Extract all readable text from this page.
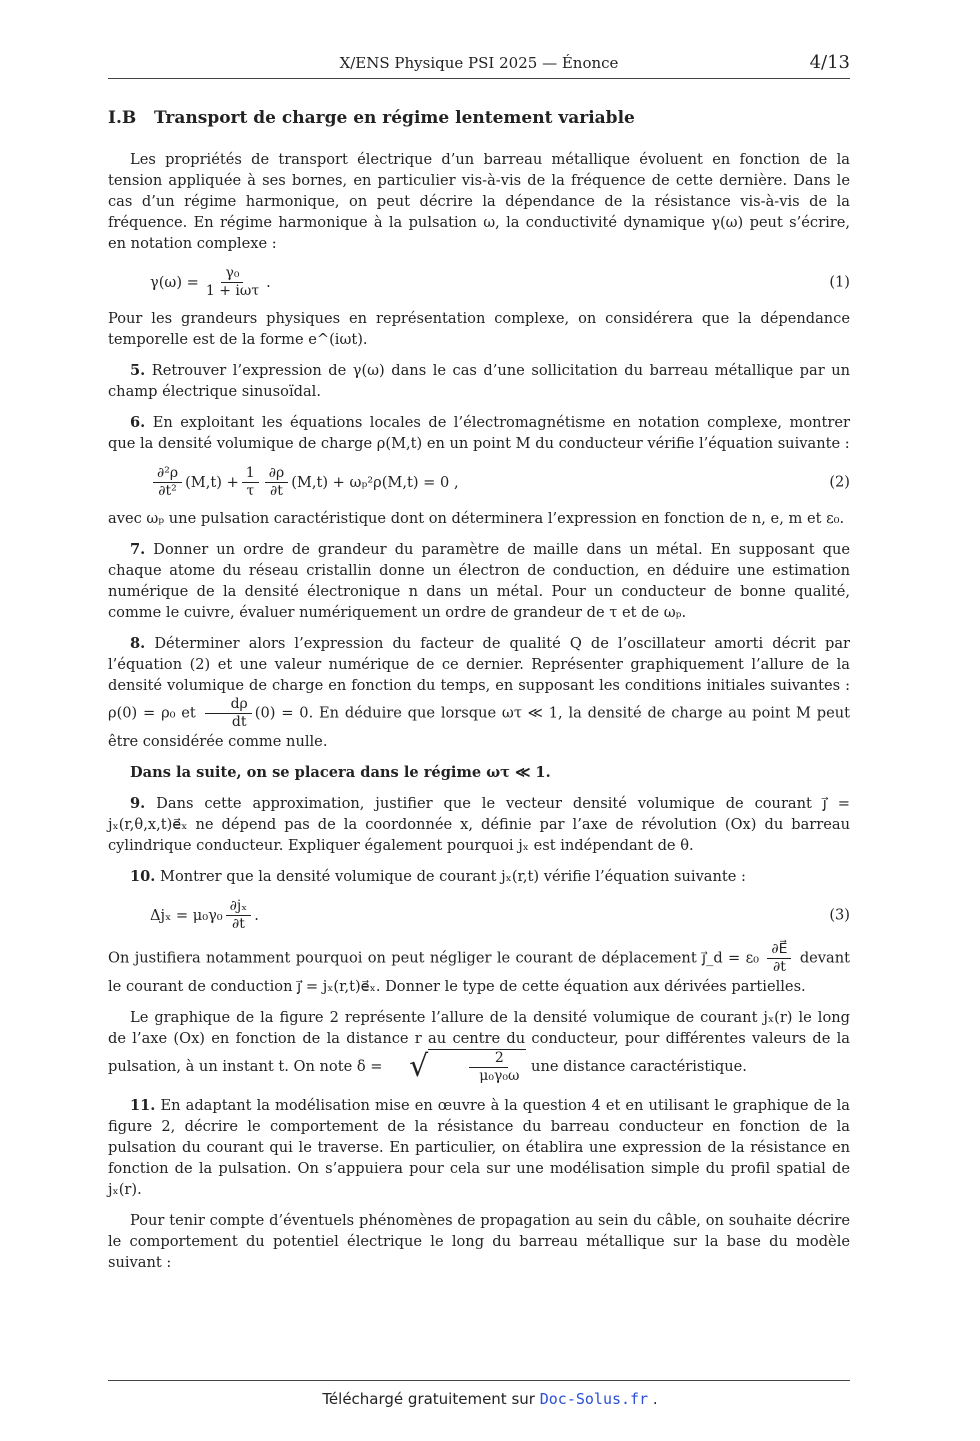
X/ENS Physique PSI 2025 — Énonce	4/13
I.B Transport de charge en régime lentement variable

Les propriétés de transport électrique d’un barreau métallique évoluent en fonction de la tension appliquée à ses bornes, en particulier vis-à-vis de la fréquence de cette dernière. Dans le cas d’un régime harmonique, on peut décrire la dépendance de la résistance vis-à-vis de la fréquence. En régime harmonique à la pulsation ω, la conductivité dynamique γ(ω) peut s’écrire, en notation complexe :

$\gamma(\omega) = \frac{\text{γ₀}}{\text{1 + iωτ}}$ .	(1)

Pour les grandeurs physiques en représentation complexe, on considérera que la dépendance temporelle est de la forme e^(iωt).

5. Retrouver l’expression de γ(ω) dans le cas d’une sollicitation du barreau métallique par un champ électrique sinusoïdal.

6. En exploitant les équations locales de l’électromagnétisme en notation complexe, montrer que la densité volumique de charge ρ(M,t) en un point M du conducteur vérifie l’équation suivante :

$\frac{\text{∂²ρ}}{\text{∂t²}} (M,t) + \frac{1}{\tau} \frac{\partial\rho}{\partial t} (M,t) + \omega_p^2\rho(M,t) = 0$ ,	(2)

avec ωₚ une pulsation caractéristique dont on déterminera l’expression en fonction de n, e, m et ε₀.

7. Donner un ordre de grandeur du paramètre de maille dans un métal. En supposant que chaque atome du réseau cristallin donne un électron de conduction, en déduire une estimation numérique de la densité électronique n dans un métal. Pour un conducteur de bonne qualité, comme le cuivre, évaluer numériquement un ordre de grandeur de τ et de ωₚ.

8. Déterminer alors l’expression du facteur de qualité Q de l’oscillateur amorti décrit par l’équation (2) et une valeur numérique de ce dernier. Représenter graphiquement l’allure de la densité volumique de charge en fonction du temps, en supposant les conditions initiales suivantes : ρ(0) = ρ₀ et $\frac{d\rho}{dt} (0) = 0$. En déduire que lorsque ωτ ≪ 1, la densité de charge au point M peut être considérée comme nulle.

Dans la suite, on se placera dans le régime ωτ ≪ 1.

9. Dans cette approximation, justifier que le vecteur densité volumique de courant j⃗ = jₓ(r,θ,x,t)e⃗ₓ ne dépend pas de la coordonnée x, définie par l’axe de révolution (Ox) du barreau cylindrique conducteur. Expliquer également pourquoi jₓ est indépendant de θ.

10. Montrer que la densité volumique de courant jₓ(r,t) vérifie l’équation suivante :

$\Delta j_x = \mu_0\gamma_0 \frac{\text{∂jₓ}}{\partial t}$ .	(3)

On justifiera notamment pourquoi on peut négliger le courant de déplacement j⃗_d = $\varepsilon_0 \frac{\partial E⃗}{\partial t}$ devant le courant de conduction j⃗ = jₓ(r,t)e⃗ₓ. Donner le type de cette équation aux dérivées partielles.

Le graphique de la figure 2 représente l’allure de la densité volumique de courant jₓ(r) le long de l’axe (Ox) en fonction de la distance r au centre du conducteur, pour différentes valeurs de la pulsation, à un instant t. On note δ = √ $\frac{2}{\text{μ₀γ₀ω}}$ une distance caractéristique.

11. En adaptant la modélisation mise en œuvre à la question 4 et en utilisant le graphique de la figure 2, décrire le comportement de la résistance du barreau conducteur en fonction de la pulsation du courant qui le traverse. En particulier, on établira une expression de la résistance en fonction de la pulsation. On s’appuiera pour cela sur une modélisation simple du profil spatial de jₓ(r).

Pour tenir compte d’éventuels phénomènes de propagation au sein du câble, on souhaite décrire le comportement du potentiel électrique le long du barreau métallique sur la base du modèle suivant :

Téléchargé gratuitement sur Doc-Solus.fr .
